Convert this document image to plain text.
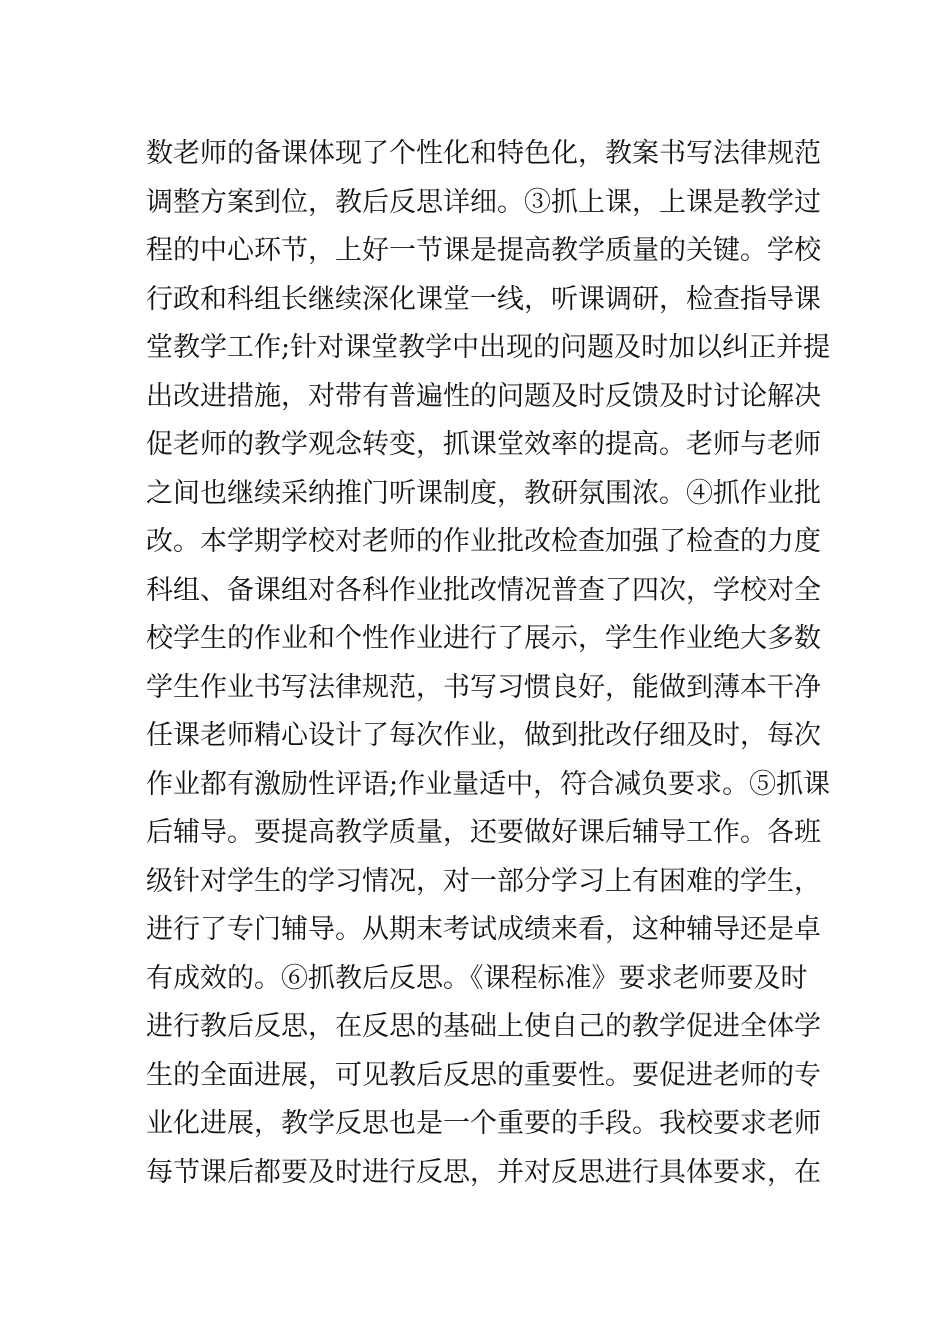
数老师的备课体现了个性化和特色化，教案书写法律规范
调整方案到位，教后反思详细。③抓上课，上课是教学过
程的中心环节，上好一节课是提高教学质量的关键。学校
行政和科组长继续深化课堂一线，听课调研，检查指导课
堂教学工作;针对课堂教学中出现的问题及时加以纠正并提
出改进措施，对带有普遍性的问题及时反馈及时讨论解决
促老师的教学观念转变，抓课堂效率的提高。老师与老师
之间也继续采纳推门听课制度，教研氛围浓。④抓作业批
改。本学期学校对老师的作业批改检查加强了检查的力度
科组、备课组对各科作业批改情况普查了四次，学校对全
校学生的作业和个性作业进行了展示，学生作业绝大多数
学生作业书写法律规范，书写习惯良好，能做到薄本干净
任课老师精心设计了每次作业，做到批改仔细及时，每次
作业都有激励性评语;作业量适中，符合减负要求。⑤抓课
后辅导。要提高教学质量，还要做好课后辅导工作。各班
级针对学生的学习情况，对一部分学习上有困难的学生，
进行了专门辅导。从期末考试成绩来看，这种辅导还是卓
有成效的。⑥抓教后反思。《课程标准》要求老师要及时
进行教后反思，在反思的基础上使自己的教学促进全体学
生的全面进展，可见教后反思的重要性。要促进老师的专
业化进展，教学反思也是一个重要的手段。我校要求老师
每节课后都要及时进行反思，并对反思进行具体要求，在
